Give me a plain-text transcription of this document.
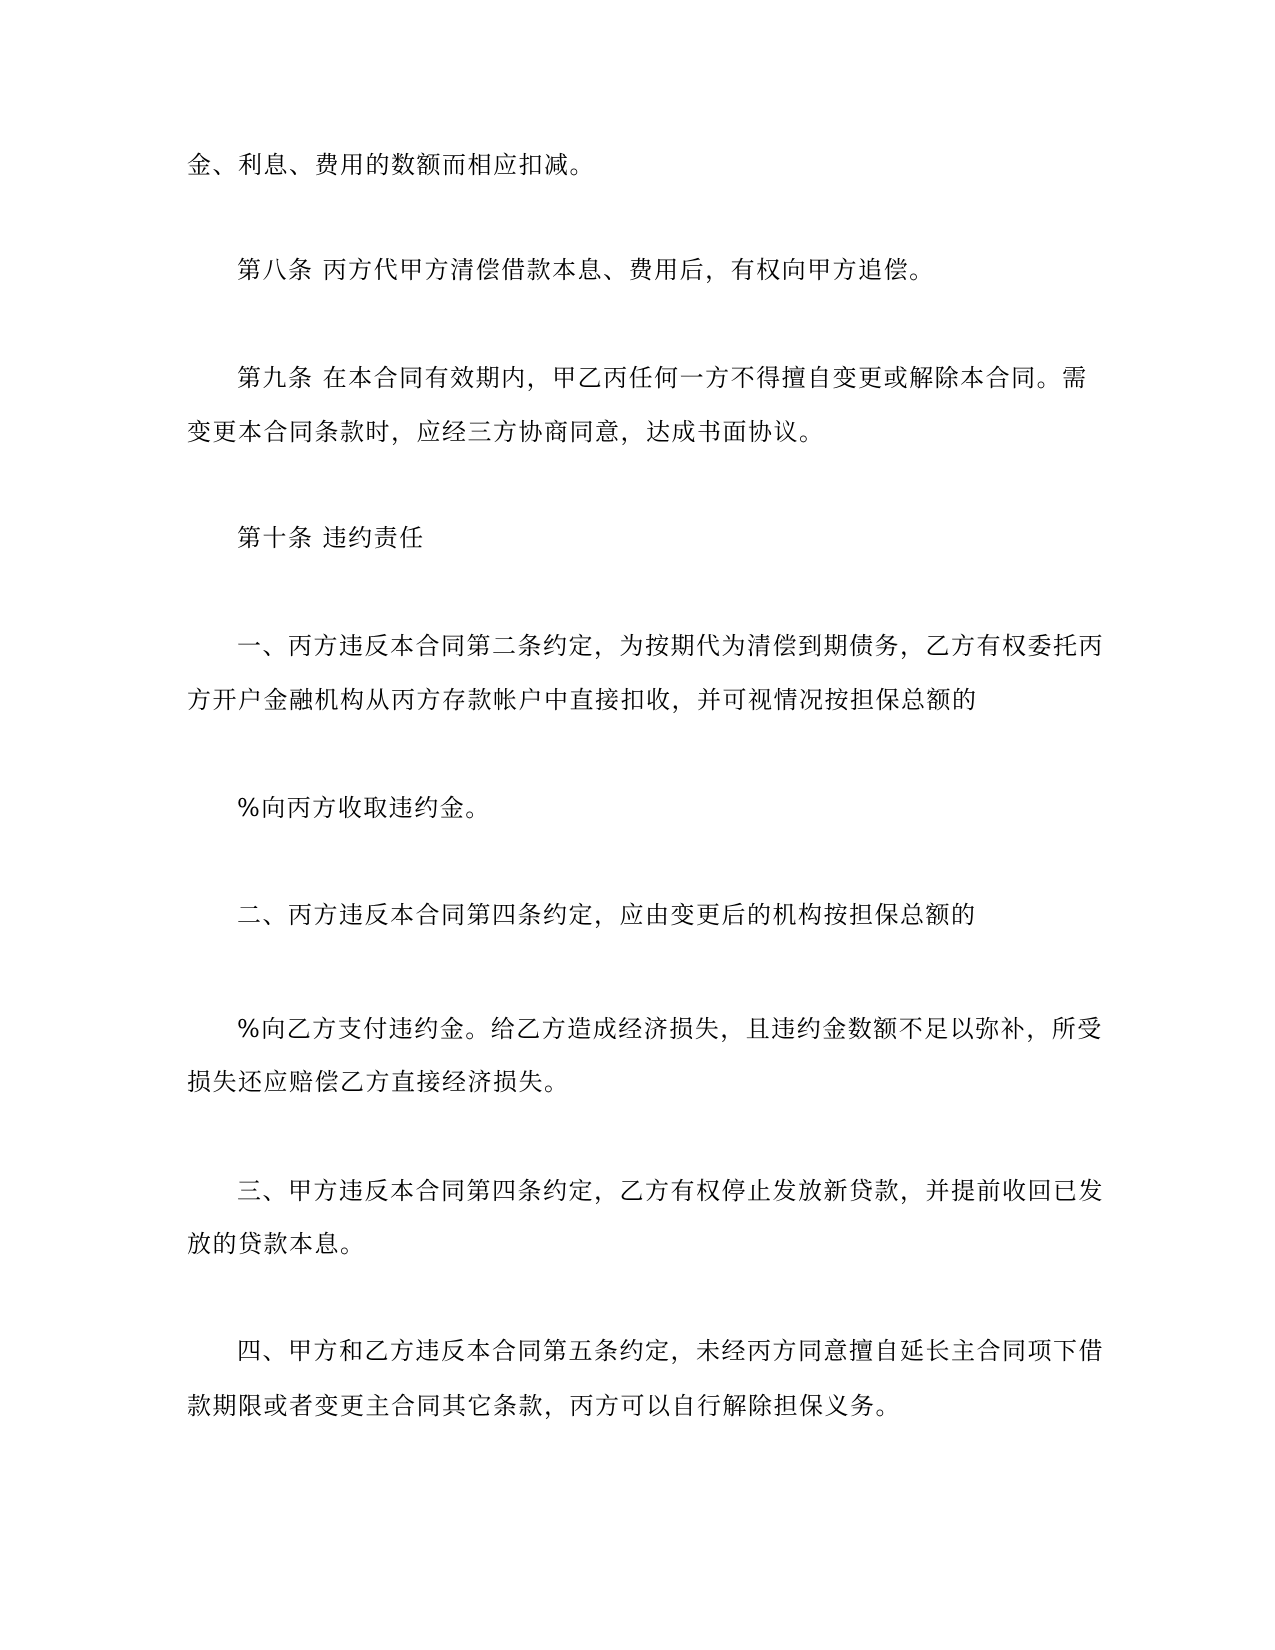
金、利息、费用的数额而相应扣减。
第八条 丙方代甲方清偿借款本息、费用后，有权向甲方追偿。
第九条 在本合同有效期内，甲乙丙任何一方不得擅自变更或解除本合同。需
变更本合同条款时，应经三方协商同意，达成书面协议。
第十条 违约责任
一、丙方违反本合同第二条约定，为按期代为清偿到期债务，乙方有权委托丙
方开户金融机构从丙方存款帐户中直接扣收，并可视情况按担保总额的
%向丙方收取违约金。
二、丙方违反本合同第四条约定，应由变更后的机构按担保总额的
%向乙方支付违约金。给乙方造成经济损失，且违约金数额不足以弥补，所受
损失还应赔偿乙方直接经济损失。
三、甲方违反本合同第四条约定，乙方有权停止发放新贷款，并提前收回已发
放的贷款本息。
四、甲方和乙方违反本合同第五条约定，未经丙方同意擅自延长主合同项下借
款期限或者变更主合同其它条款，丙方可以自行解除担保义务。
